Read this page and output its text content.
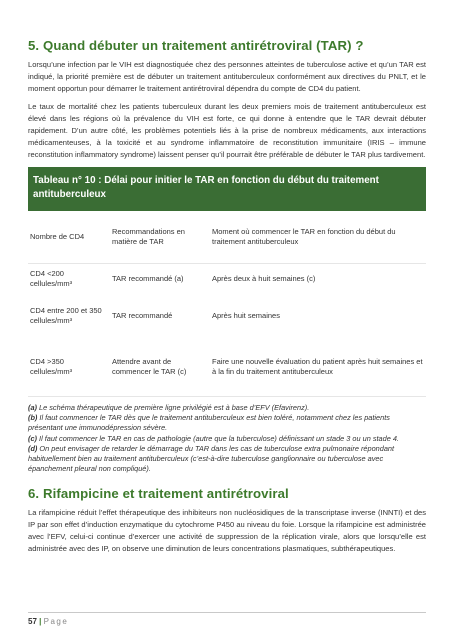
5. Quand débuter un traitement antirétroviral (TAR) ?

Lorsqu’une infection par le VIH est diagnostiquée chez des personnes atteintes de tuberculose active et qu’un TAR est indiqué, la priorité première est de débuter un traitement antituberculeux conformément aux directives du PNLT, et le moment opportun pour démarrer le traitement antirétroviral dépendra du compte de CD4 du patient.

Le taux de mortalité chez les patients tuberculeux durant les deux premiers mois de traitement antituberculeux est élevé dans les régions où la prévalence du VIH est forte, ce qui donne à entendre que le TAR devrait débuter rapidement. D’un autre côté, les problèmes potentiels liés à la prise de nombreux médicaments, aux interactions médicamenteuses, à la toxicité et au syndrome inflammatoire de reconstitution immunitaire (IRIS – immune reconstitution inflammatory syndrome) laissent penser qu’il pourrait être préférable de débuter le TAR plus tardivement.

Tableau n° 10 : Délai pour initier le TAR en fonction du début du traitement antituberculeux
Nombre de CD4	Recommandations en matière de TAR	Moment où commencer le TAR en fonction du début du traitement antituberculeux
CD4 <200 cellules/mm³	TAR recommandé (a)	Après deux à huit semaines (c)
CD4 entre 200 et 350 cellules/mm³	TAR recommandé	Après huit semaines
CD4 >350 cellules/mm³	Attendre avant de commencer le TAR (c)	Faire une nouvelle évaluation du patient après huit semaines et à la fin du traitement antituberculeux
(a) Le schéma thérapeutique de première ligne privilégié est à base d’EFV (Efavirenz).
(b) Il faut commencer le TAR dès que le traitement antituberculeux est bien toléré, notamment chez les patients présentant une immunodépression sévère.
(c) Il faut commencer le TAR en cas de pathologie (autre que la tuberculose) définissant un stade 3 ou un stade 4.
(d) On peut envisager de retarder le démarrage du TAR dans les cas de tuberculose extra pulmonaire répondant habituellement bien au traitement antituberculeux (c’est-à-dire tuberculose ganglionnaire ou tuberculose avec épanchement pleural non compliqué).
6. Rifampicine et traitement antirétroviral

La rifampicine réduit l’effet thérapeutique des inhibiteurs non nucléosidiques de la transcriptase inverse (INNTI) et des IP par son effet d’induction enzymatique du cytochrome P450 au niveau du foie. Lorsque la rifampicine est administrée avec l’EFV, celui-ci continue d’exercer une activité de suppression de la réplication virale, alors que lorsqu’elle est administrée avec des IP, on observe une diminution de leurs concentrations plasmatiques, subthérapeutiques.

57 | Page
